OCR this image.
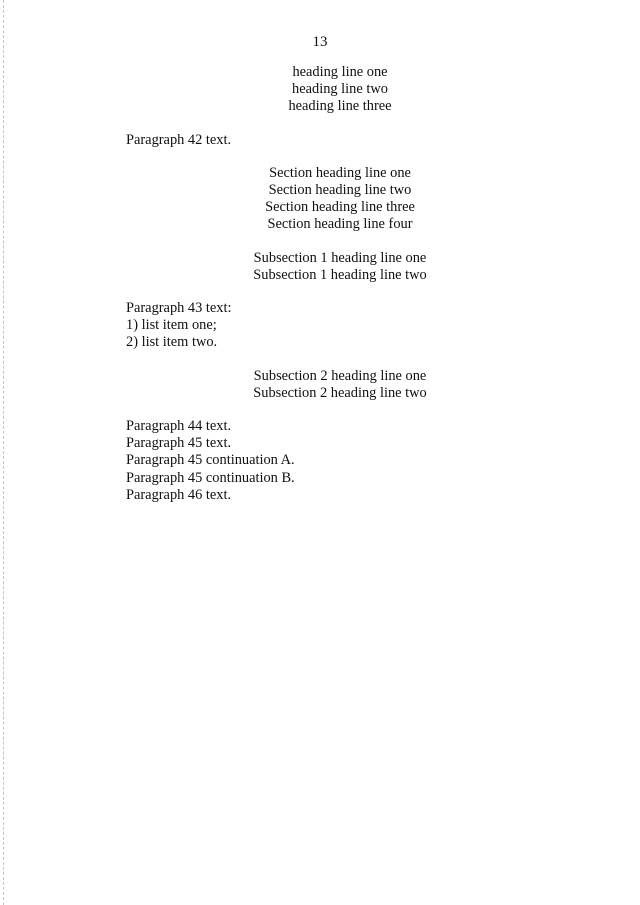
13

heading line one

heading line two

heading line three

Paragraph 42 text.

Section heading line one

Section heading line two

Section heading line three

Section heading line four

Subsection 1 heading line one

Subsection 1 heading line two

Paragraph 43 text:

1) list item one;

2) list item two.

Subsection 2 heading line one

Subsection 2 heading line two

Paragraph 44 text.

Paragraph 45 text.

Paragraph 45 continuation A.

Paragraph 45 continuation B.

Paragraph 46 text.
